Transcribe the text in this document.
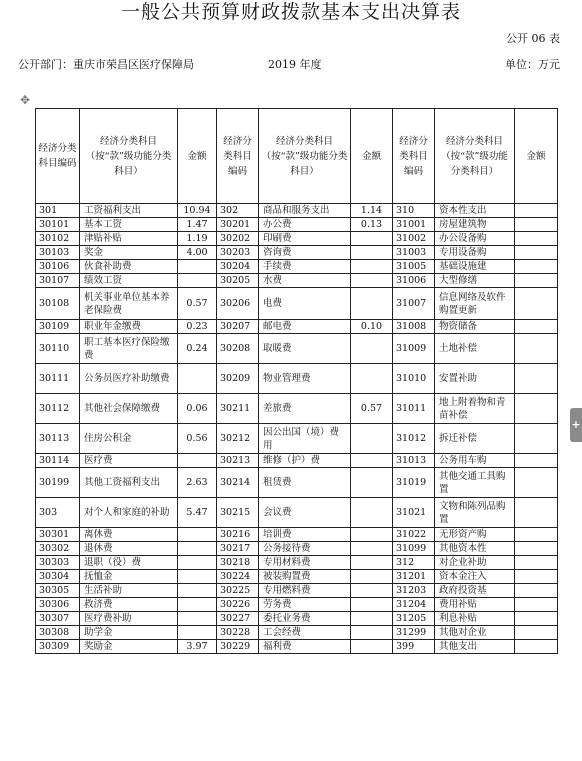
一般公共预算财政拨款基本支出决算表
公开 06 表
公开部门：重庆市荣昌区医疗保障局	2019 年度	单位：万元
✥
+
经济分类科目编码	经济分类科目（按“款”级功能分类科目）	金额	经济分类科目编码	经济分类科目（按“款”级功能分类科目）	金额	经济分类科目编码	经济分类科目（按“款”级功能分类科目）	金额
301	工资福利支出	10.94	302	商品和服务支出	1.14	310	资本性支出	
30101	基本工资	1.47	30201	办公费	0.13	31001	房屋建筑物	
30102	津贴补贴	1.19	30202	印刷费		31002	办公设备购	
30103	奖金	4.00	30203	咨询费		31003	专用设备购	
30106	伙食补助费		30204	手续费		31005	基础设施建	
30107	绩效工资		30205	水费		31006	大型修缮	
30108	机关事业单位基本养老保险费	0.57	30206	电费		31007	信息网络及软件购置更新	
30109	职业年金缴费	0.23	30207	邮电费	0.10	31008	物资储备	
30110	职工基本医疗保险缴费	0.24	30208	取暖费		31009	土地补偿	
30111	公务员医疗补助缴费		30209	物业管理费		31010	安置补助	
30112	其他社会保障缴费	0.06	30211	差旅费	0.57	31011	地上附着物和青苗补偿	
30113	住房公积金	0.56	30212	因公出国（境）费用		31012	拆迁补偿	
30114	医疗费		30213	维修（护）费		31013	公务用车购	
30199	其他工资福利支出	2.63	30214	租赁费		31019	其他交通工具购置	
303	对个人和家庭的补助	5.47	30215	会议费		31021	文物和陈列品购置	
30301	离休费		30216	培训费		31022	无形资产购	
30302	退休费		30217	公务接待费		31099	其他资本性	
30303	退职（役）费		30218	专用材料费		312	对企业补助	
30304	抚恤金		30224	被装购置费		31201	资本金注入	
30305	生活补助		30225	专用燃料费		31203	政府投资基	
30306	救济费		30226	劳务费		31204	费用补贴	
30307	医疗费补助		30227	委托业务费		31205	利息补贴	
30308	助学金		30228	工会经费		31299	其他对企业	
30309	奖励金	3.97	30229	福利费		399	其他支出	
